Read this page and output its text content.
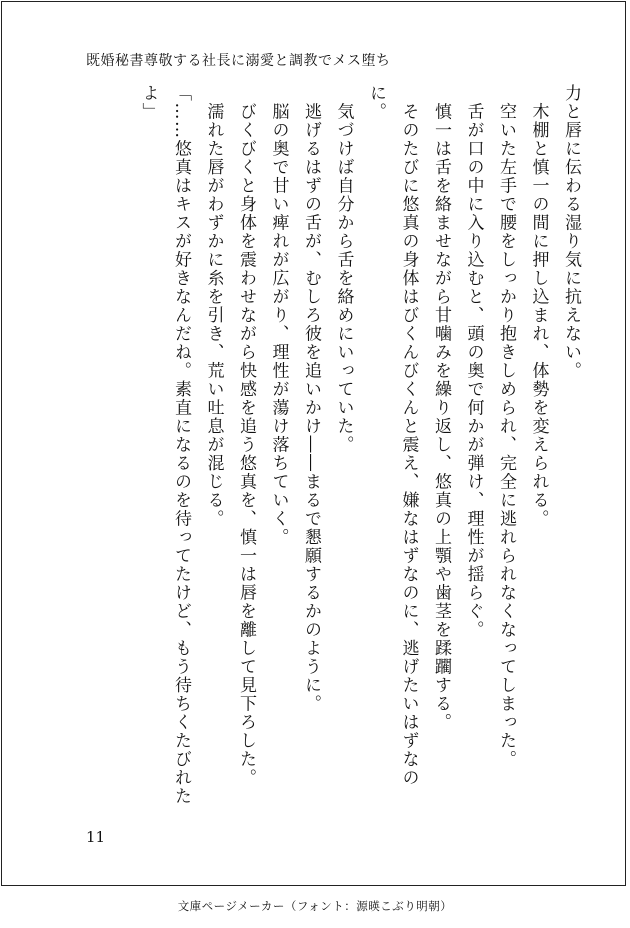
既婚秘書尊敬する社長に溺愛と調教でメス堕ち

力と唇に伝わる湿り気に抗えない。

　木棚と慎一の間に押し込まれ、体勢を変えられる。

　空いた左手で腰をしっかり抱きしめられ、完全に逃れられなくなってしまった。

　舌が口の中に入り込むと、頭の奥で何かが弾け、理性が揺らぐ。

　慎一は舌を絡ませながら甘噛みを繰り返し、悠真の上顎や歯茎を蹂躙する。

　そのたびに悠真の身体はびくんびくんと震え、嫌なはずなのに、逃げたいはずなのに。

　気づけば自分から舌を絡めにいっていた。

　逃げるはずの舌が、むしろ彼を追いかけ――まるで懇願するかのように。

　脳の奥で甘い痺れが広がり、理性が蕩け落ちていく。

　びくびくと身体を震わせながら快感を追う悠真を、慎一は唇を離して見下ろした。

　濡れた唇がわずかに糸を引き、荒い吐息が混じる。

「……悠真はキスが好きなんだね。素直になるのを待ってたけど、もう待ちくたびれたよ」

11
文庫ページメーカー（フォント：源暎こぶり明朝）
